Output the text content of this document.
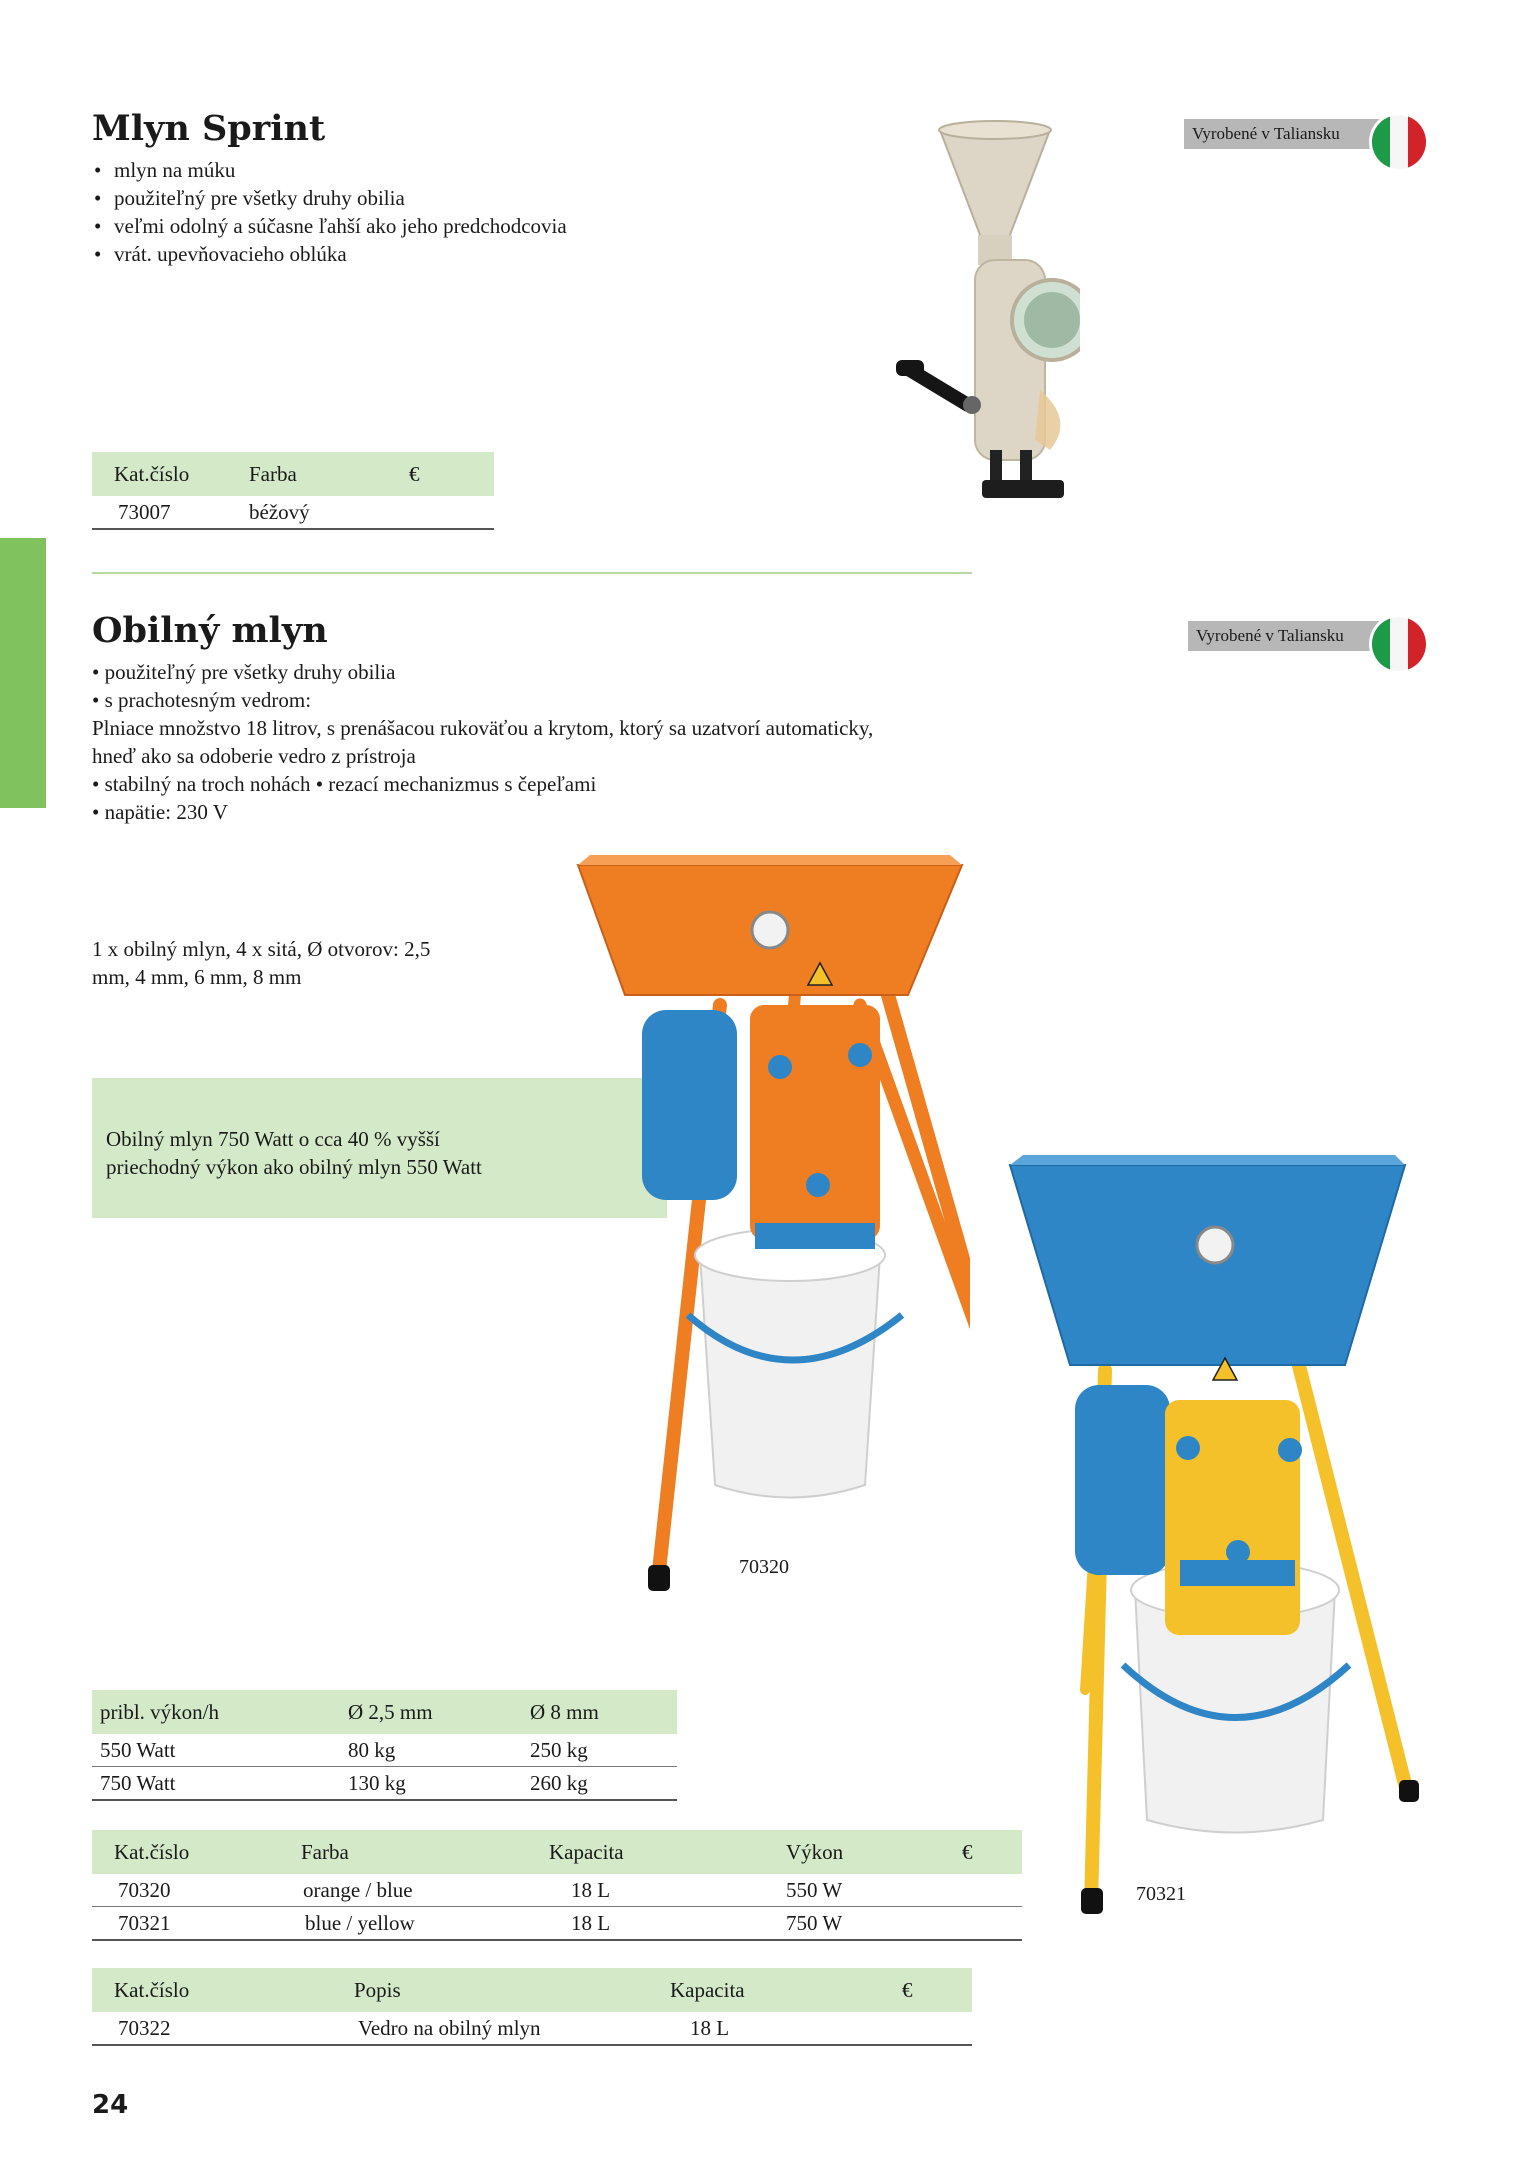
Mlyn Sprint
• mlyn na múku
• použiteľný pre všetky druhy obilia
• veľmi odolný a súčasne ľahší ako jeho predchodcovia
• vrát. upevňovacieho oblúka
Vyrobené v Taliansku
Kat.číslo	Farba	€
73007	béžový	
Obilný mlyn	Vyrobené v Taliansku
• použiteľný pre všetky druhy obilia
• s prachotesným vedrom:
Plniace množstvo 18 litrov, s prenášacou rukoväťou a krytom, ktorý sa uzatvorí automaticky,
hneď ako sa odoberie vedro z prístroja
• stabilný na troch nohách • rezací mechanizmus s čepeľami
• napätie: 230 V
1 x obilný mlyn, 4 x sitá, Ø otvorov: 2,5
mm, 4 mm, 6 mm, 8 mm
Obilný mlyn 750 Watt o cca 40 % vyšší
priechodný výkon ako obilný mlyn 550 Watt
70320
70321
pribl. výkon/h	Ø 2,5 mm	Ø 8 mm
550 Watt	80 kg	250 kg
750 Watt	130 kg	260 kg
Kat.číslo	Farba	Kapacita	Výkon	€
70320	orange / blue	18 L	550 W	
70321	blue / yellow	18 L	750 W	
Kat.číslo	Popis	Kapacita	€
70322	Vedro na obilný mlyn	18 L	
24
